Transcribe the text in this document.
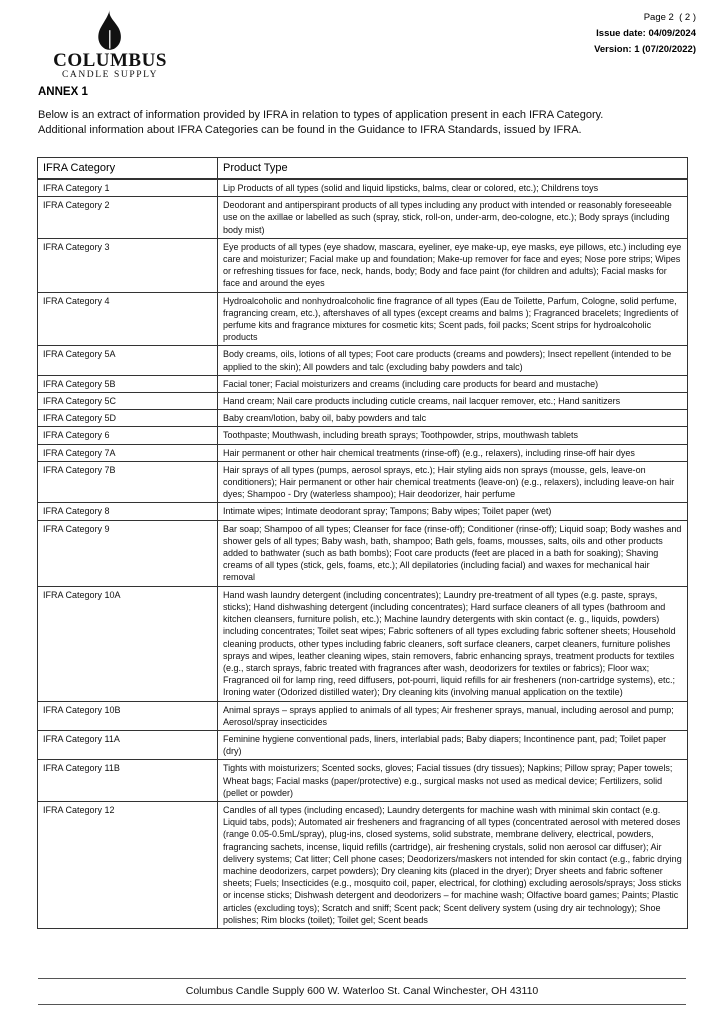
COLUMBUS
CANDLE SUPPLY
Page 2  ( 2 )
Issue date: 04/09/2024
Version: 1 (07/20/2022)
ANNEX 1
Below is an extract of information provided by IFRA in relation to types of application present in each IFRA Category.
Additional information about IFRA Categories can be found in the Guidance to IFRA Standards, issued by IFRA.
IFRA Category	Product Type
IFRA Category 1	Lip Products of all types (solid and liquid lipsticks, balms, clear or colored, etc.); Childrens toys
IFRA Category 2	Deodorant and antiperspirant products of all types including any product with intended or reasonably foreseeable use on the axillae or labelled as such (spray, stick, roll-on, under-arm, deo-cologne, etc.); Body sprays (including body mist)
IFRA Category 3	Eye products of all types (eye shadow, mascara, eyeliner, eye make-up, eye masks, eye pillows, etc.) including eye care and moisturizer; Facial make up and foundation; Make-up remover for face and eyes; Nose pore strips; Wipes or refreshing tissues for face, neck, hands, body; Body and face paint (for children and adults); Facial masks for face and around the eyes
IFRA Category 4	Hydroalcoholic and nonhydroalcoholic fine fragrance of all types (Eau de Toilette, Parfum, Cologne, solid perfume, fragrancing cream, etc.), aftershaves of all types (except creams and balms ); Fragranced bracelets; Ingredients of perfume kits and fragrance mixtures for cosmetic kits; Scent pads, foil packs; Scent strips for hydroalcoholic products
IFRA Category 5A	Body creams, oils, lotions of all types; Foot care products (creams and powders); Insect repellent (intended to be applied to the skin); All powders and talc (excluding baby powders and talc)
IFRA Category 5B	Facial toner; Facial moisturizers and creams (including care products for beard and mustache)
IFRA Category 5C	Hand cream; Nail care products including cuticle creams, nail lacquer remover, etc.; Hand sanitizers
IFRA Category 5D	Baby cream/lotion, baby oil, baby powders and talc
IFRA Category 6	Toothpaste; Mouthwash, including breath sprays; Toothpowder, strips, mouthwash tablets
IFRA Category 7A	Hair permanent or other hair chemical treatments (rinse-off) (e.g., relaxers), including rinse-off hair dyes
IFRA Category 7B	Hair sprays of all types (pumps, aerosol sprays, etc.); Hair styling aids non sprays (mousse, gels, leave-on conditioners); Hair permanent or other hair chemical treatments (leave-on) (e.g., relaxers), including leave-on hair dyes; Shampoo - Dry (waterless shampoo); Hair deodorizer, hair perfume
IFRA Category 8	Intimate wipes; Intimate deodorant spray; Tampons; Baby wipes; Toilet paper (wet)
IFRA Category 9	Bar soap; Shampoo of all types; Cleanser for face (rinse-off); Conditioner (rinse-off); Liquid soap; Body washes and shower gels of all types; Baby wash, bath, shampoo; Bath gels, foams, mousses, salts, oils and other products added to bathwater (such as bath bombs); Foot care products (feet are placed in a bath for soaking); Shaving creams of all types (stick, gels, foams, etc.); All depilatories (including facial) and waxes for mechanical hair removal
IFRA Category 10A	Hand wash laundry detergent (including concentrates); Laundry pre-treatment of all types (e.g. paste, sprays, sticks); Hand dishwashing detergent (including concentrates); Hard surface cleaners of all types (bathroom and kitchen cleansers, furniture polish, etc.); Machine laundry detergents with skin contact (e. g., liquids, powders) including concentrates; Toilet seat wipes; Fabric softeners of all types excluding fabric softener sheets; Household cleaning products, other types including fabric cleaners, soft surface cleaners, carpet cleaners, furniture polishes sprays and wipes, leather cleaning wipes, stain removers, fabric enhancing sprays, treatment products for textiles (e.g., starch sprays, fabric treated with fragrances after wash, deodorizers for textiles or fabrics); Floor wax; Fragranced oil for lamp ring, reed diffusers, pot-pourri, liquid refills for air fresheners (non-cartridge systems), etc.; Ironing water (Odorized distilled water); Dry cleaning kits (involving manual application on the textile)
IFRA Category 10B	Animal sprays – sprays applied to animals of all types; Air freshener sprays, manual, including aerosol and pump; Aerosol/spray insecticides
IFRA Category 11A	Feminine hygiene conventional pads, liners, interlabial pads; Baby diapers; Incontinence pant, pad; Toilet paper (dry)
IFRA Category 11B	Tights with moisturizers; Scented socks, gloves; Facial tissues (dry tissues); Napkins; Pillow spray; Paper towels; Wheat bags; Facial masks (paper/protective) e.g., surgical masks not used as medical device; Fertilizers, solid (pellet or powder)
IFRA Category 12	Candles of all types (including encased); Laundry detergents for machine wash with minimal skin contact (e.g. Liquid tabs, pods); Automated air fresheners and fragrancing of all types (concentrated aerosol with metered doses (range 0.05-0.5mL/spray), plug-ins, closed systems, solid substrate, membrane delivery, electrical, powders, fragrancing sachets, incense, liquid refills (cartridge), air freshening crystals, solid non aerosol car diffuser); Air delivery systems; Cat litter; Cell phone cases; Deodorizers/maskers not intended for skin contact (e.g., fabric drying machine deodorizers, carpet powders); Dry cleaning kits (placed in the dryer); Dryer sheets and fabric softener sheets; Fuels; Insecticides (e.g., mosquito coil, paper, electrical, for clothing) excluding aerosols/sprays; Joss sticks or incense sticks; Dishwash detergent and deodorizers – for machine wash; Olfactive board games; Paints; Plastic articles (excluding toys); Scratch and sniff; Scent pack; Scent delivery system (using dry air technology); Shoe polishes; Rim blocks (toilet); Toilet gel; Scent beads
Columbus Candle Supply 600 W. Waterloo St. Canal Winchester, OH 43110
